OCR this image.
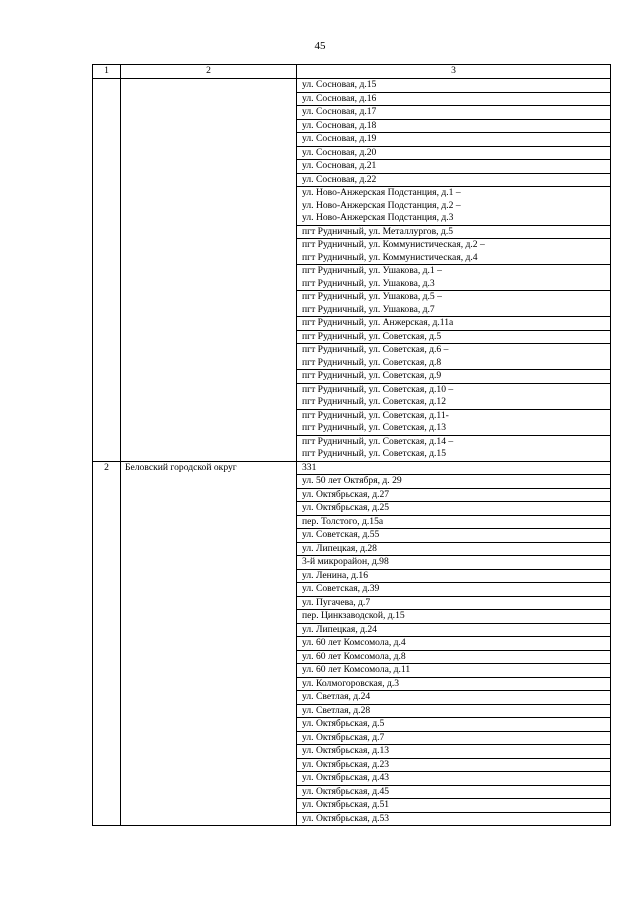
45
1	2	3

		ул. Сосновая, д.15

		ул. Сосновая, д.16

		ул. Сосновая, д.17

		ул. Сосновая, д.18

		ул. Сосновая, д.19

		ул. Сосновая, д.20

		ул. Сосновая, д.21

		ул. Сосновая, д.22

		ул. Ново-Анжерская Подстанция, д.1 –
ул. Ново-Анжерская Подстанция, д.2 –
ул. Ново-Анжерская Подстанция, д.3

		пгт Рудничный, ул. Металлургов, д.5

		пгт Рудничный, ул. Коммунистическая, д.2 –
пгт Рудничный, ул. Коммунистическая, д.4

		пгт Рудничный, ул. Ушакова, д.1 –
пгт Рудничный, ул. Ушакова, д.3

		пгт Рудничный, ул. Ушакова, д.5 –
пгт Рудничный, ул. Ушакова, д.7

		пгт Рудничный, ул. Анжерская, д.11а

		пгт Рудничный, ул. Советская, д.5

		пгт Рудничный, ул. Советская, д.6 –
пгт Рудничный, ул. Советская, д.8

		пгт Рудничный, ул. Советская, д.9

		пгт Рудничный, ул. Советская, д.10 –
пгт Рудничный, ул. Советская, д.12

		пгт Рудничный, ул. Советская, д.11-
пгт Рудничный, ул. Советская, д.13

		пгт Рудничный, ул. Советская, д.14 –
пгт Рудничный, ул. Советская, д.15

2	Беловский городской округ	331

		ул. 50 лет Октября, д. 29

		ул. Октябрьская, д.27

		ул. Октябрьская, д.25

		пер. Толстого, д.15а

		ул. Советская, д.55

		ул. Липецкая, д.28

		3-й микрорайон, д.98

		ул. Ленина, д.16

		ул. Советская, д.39

		ул. Пугачева, д.7

		пер. Цинкзаводской, д.15

		ул. Липецкая, д.24

		ул. 60 лет Комсомола, д.4

		ул. 60 лет Комсомола, д.8

		ул. 60 лет Комсомола, д.11

		ул. Колмогоровская, д.3

		ул. Светлая, д.24

		ул. Светлая, д.28

		ул. Октябрьская, д.5

		ул. Октябрьская, д.7

		ул. Октябрьская, д.13

		ул. Октябрьская, д.23

		ул. Октябрьская, д.43

		ул. Октябрьская, д.45

		ул. Октябрьская, д.51

		ул. Октябрьская, д.53
